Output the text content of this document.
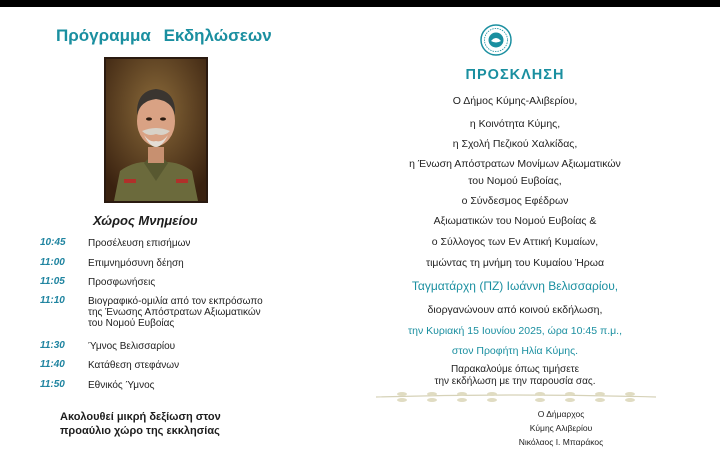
Πρόγραμμα Εκδηλώσεων
Χώρος Μνημείου
10:45 Προσέλευση επισήμων
11:00 Επιμνημόσυνη δέηση
11:05 Προσφωνήσεις
11:10 Βιογραφικό-ομιλία από τον εκπρόσωπο
της Ένωσης Απόστρατων Αξιωματικών
του Νομού Ευβοίας
11:30 Ύμνος Βελισσαρίου
11:40 Κατάθεση στεφάνων
11:50 Εθνικός Ύμνος
Ακολουθεί μικρή δεξίωση στον
προαύλιο χώρο της εκκλησίας
ΠΡΟΣΚΛΗΣΗ
Ο Δήμος Κύμης-Αλιβερίου,
η Κοινότητα Κύμης,
η Σχολή Πεζικού Χαλκίδας,
η Ένωση Απόστρατων Μονίμων Αξιωματικών
του Νομού Ευβοίας,
ο Σύνδεσμος Εφέδρων
Αξιωματικών του Νομού Ευβοίας &
ο Σύλλογος των Εν Αττική Κυμαίων,
τιμώντας τη μνήμη του Κυμαίου Ήρωα
Ταγματάρχη (ΠΖ) Ιωάννη Βελισσαρίου,
διοργανώνουν από κοινού εκδήλωση,
την Κυριακή 15 Ιουνίου 2025, ώρα 10:45 π.μ.,
στον Προφήτη Ηλία Κύμης.
Παρακαλούμε όπως τιμήσετε
την εκδήλωση με την παρουσία σας.
Ο Δήμαρχος
Κύμης Αλιβερίου
Νικόλαος Ι. Μπαράκος
